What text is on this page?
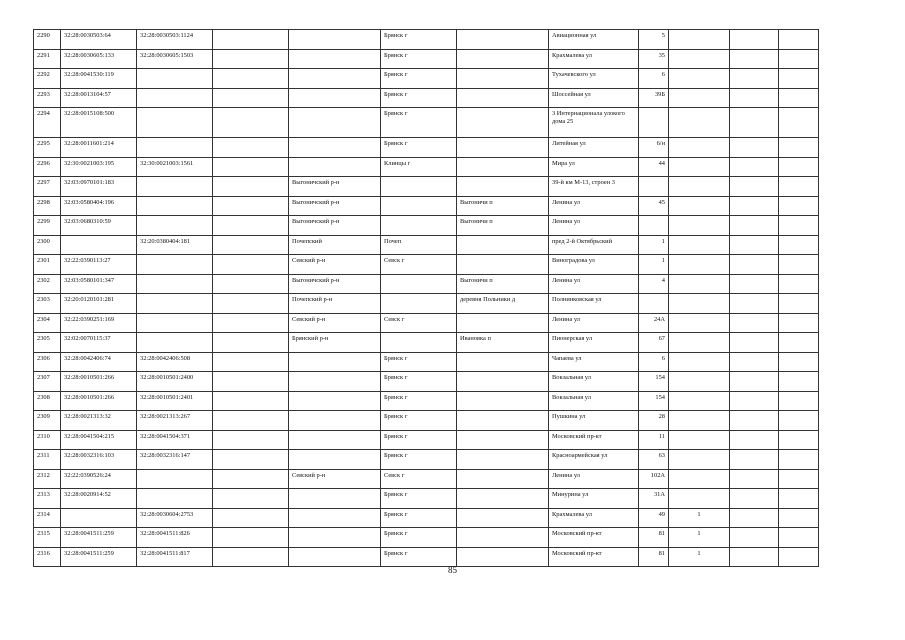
2290	32:28:0030503:64	32:28:0030503:1124			Брянск г		Авиационная ул	5			
2291	32:28:0030605:133	32:28:0030605:1503			Брянск г		Крахмалева ул	35			
2292	32:28:0041530:119				Брянск г		Тухачевского ул	6			
2293	32:28:0013104:57				Брянск г		Шоссейная ул	39Б			
2294	32:28:0015108:500				Брянск г		3 Интернационала улокого дома 25				
2295	32:28:0011601:214				Брянск г		Литейная ул	6/н			
2296	32:30:0021003:195	32:30:0021003:1561			Клинцы г		Мира ул	44			
2297	32:03:0970101:183			Выгоничский р-н			39-й км М-13, строен 3				
2298	32:03:0580404:196			Выгоничский р-н		Выгоничи п	Ленина ул	45			
2299	32:03:0680310:59			Выгоничский р-н		Выгоничи п	Ленина ул				
2300		32:20:0380404:181		Почепский	Почеп		пред 2-й Октябрьский	1			
2301	32:22:0390113:27			Севский р-н	Севск г		Виноградова ул	1			
2302	32:03:0580101:347			Выгоничский р-н		Выгоничи п	Ленина ул	4			
2303	32:20:0120101:281			Почепский р-н		деревня Польники д	Полнинковская ул				
2304	32:22:0390251:169			Севский р-н	Севск г		Ленина ул	24А			
2305	32:02:0070115:37			Брянский р-н		Ивановка п	Пионерская ул	67			
2306	32:28:0042406:74	32:28:0042406:508			Брянск г		Чапаева ул	6			
2307	32:28:0010501:266	32:28:0010501:2400			Брянск г		Вокзальная ул	154			
2308	32:28:0010501:266	32:28:0010501:2401			Брянск г		Вокзальная ул	154			
2309	32:28:0021313:32	32:28:0021313:267			Брянск г		Пушкина ул	28			
2310	32:28:0041504:215	32:28:0041504:371			Брянск г		Московский пр-кт	11			
2311	32:28:0032316:103	32:28:0032316:147			Брянск г		Красноармейская ул	63			
2312	32:22:0390526:24			Севский р-н	Севск г		Ленина ул	102А			
2313	32:28:0020914:52				Брянск г		Минурина ул	31А			
2314		32:28:0030604:2753			Брянск г		Крахмалева ул	49	1		
2315	32:28:0041511:259	32:28:0041511:826			Брянск г		Московский пр-кт	81	1		
2316	32:28:0041511:259	32:28:0041511:817			Брянск г		Московский пр-кт	81	1		
85
